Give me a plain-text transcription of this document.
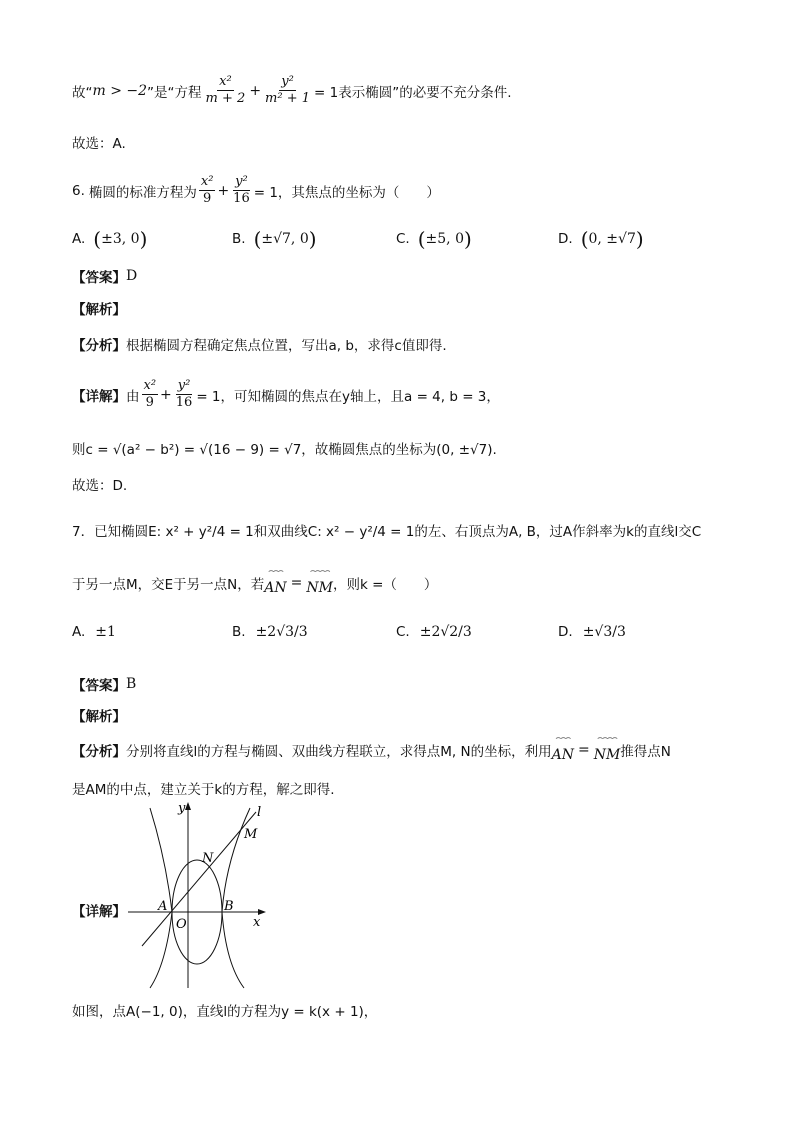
故“ m > −2 ”是“方程 $\frac{\text{x²}}{m + 2} + \frac{\text{y²}}{\text{m² + 1}} = 1$表示椭圆”的必要不充分条件.
故选：A.
6. 椭圆的标准方程为 $\frac{\text{x²}}{9} + \frac{\text{y²}}{16} = 1$，其焦点的坐标为（　　）
A. ( ±3, 0 )	B. ( ±√7, 0 )	C. ( ±5, 0 )	D. ( 0, ±√7 )
【答案】 D
【解析】
【分析】 根据椭圆方程确定焦点位置，写出a, b，求得c值即得.
【详解】 由 $\frac{\text{x²}}{9} + \frac{\text{y²}}{16} = 1$，可知椭圆的焦点在y轴上，且a = 4, b = 3，
则c = √(a² − b²) = √(16 − 9) = √7，故椭圆焦点的坐标为(0, ±√7).
故选：D.
7．已知椭圆E: x² + y²/4 = 1和双曲线C: x² − y²/4 = 1的左、右顶点为A, B，过A作斜率为k的直线l交C
于另一点M，交E于另一点N，若
⌢⌢⌢
AN =
⌢⌢⌢⌢
NM ，则k =（　　）
A. ±1	B. ±2√3/3	C. ±2√2/3	D. ±√3/3
【答案】 B
【解析】
【分析】 分别将直线l的方程与椭圆、双曲线方程联立，求得点M, N的坐标，利用
⌢⌢⌢
AN =
⌢⌢⌢⌢
NM 推得点N
是AM的中点，建立关于k的方程，解之即得.
【详解】
l
M
N
A
O
B
y
x
如图，点A(−1, 0)，直线l的方程为y = k(x + 1)，
